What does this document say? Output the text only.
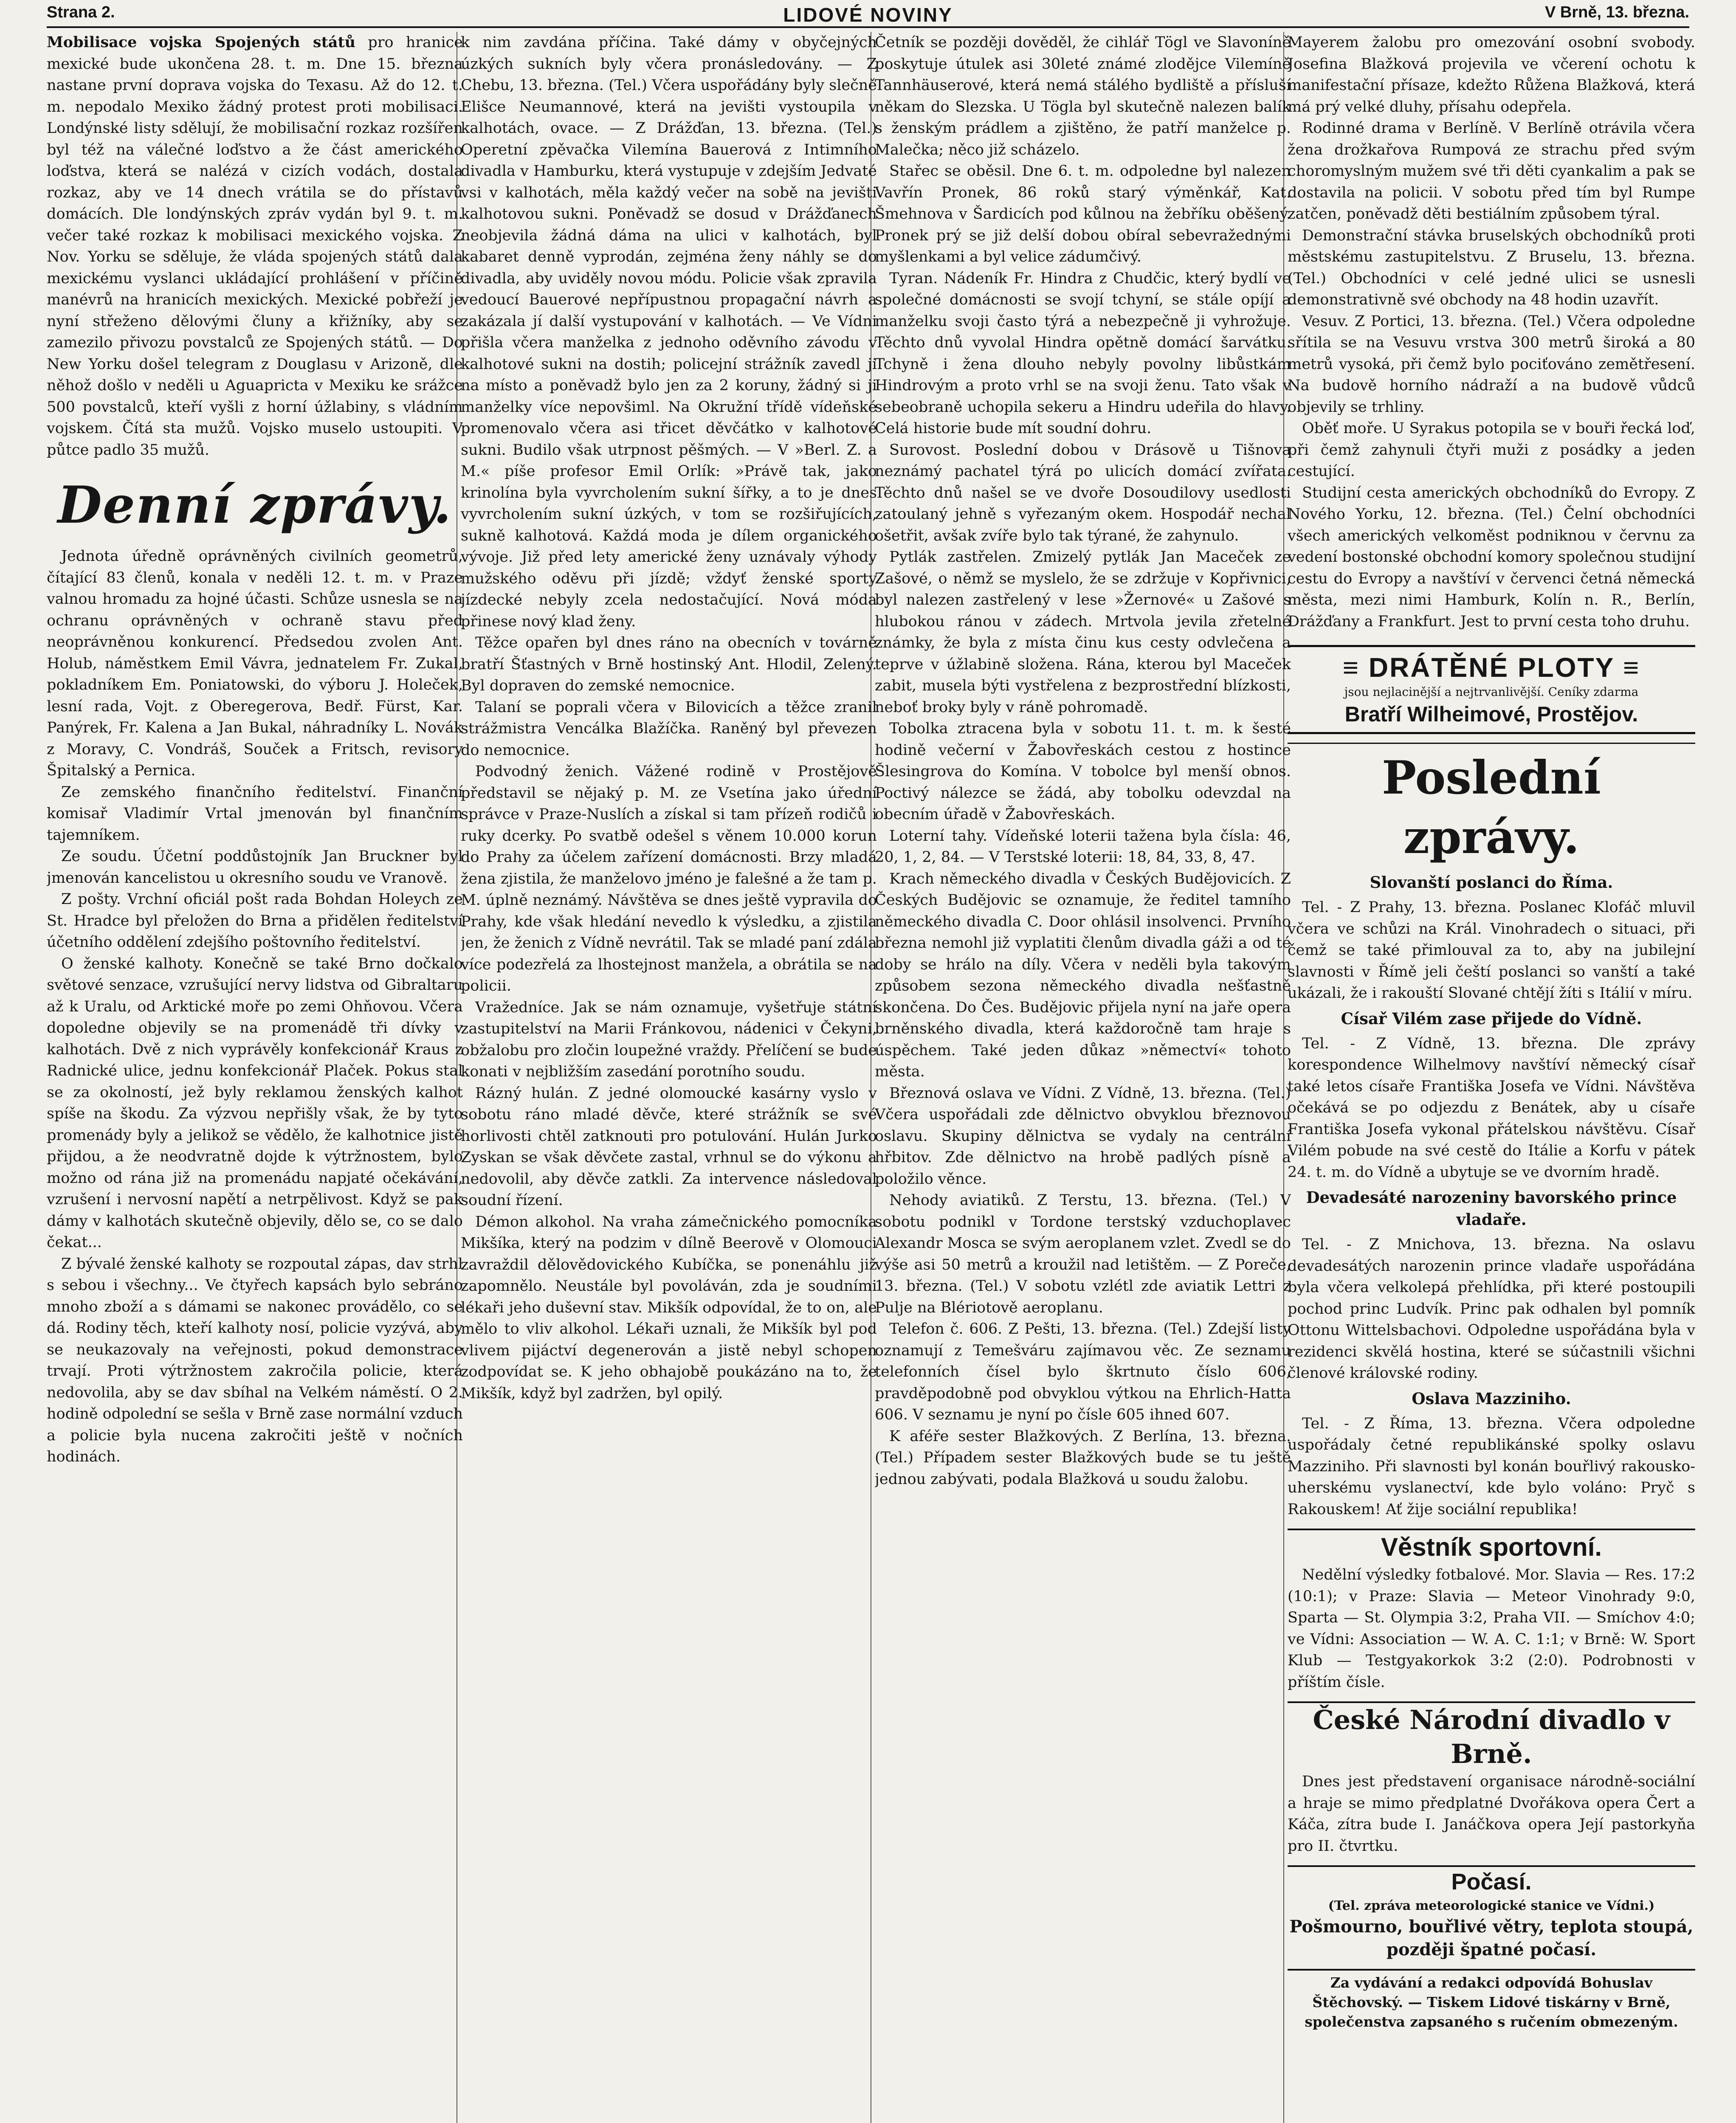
Strana 2.	LIDOVÉ NOVINY	V Brně, 13. března.

Mobilisace vojska Spojených států pro hranice mexické bude ukončena 28. t. m. Dne 15. března nastane první doprava vojska do Texasu. Až do 12. t. m. nepodalo Mexiko žádný protest proti mobilisaci. Londýnské listy sdělují, že mobilisační rozkaz rozšířen byl též na válečné loďstvo a že část amerického loďstva, která se nalézá v cizích vodách, dostala rozkaz, aby ve 14 dnech vrátila se do přístavů domácích. Dle londýnských zpráv vydán byl 9. t. m. večer také rozkaz k mobilisaci mexického vojska. Z Nov. Yorku se sděluje, že vláda spojených států dala mexickému vyslanci ukládající prohlášení v příčině manévrů na hranicích mexických. Mexické pobřeží je nyní střeženo dělovými čluny a křižníky, aby se zamezilo přivozu povstalců ze Spojených států. — Do New Yorku došel telegram z Douglasu v Arizoně, dle něhož došlo v neděli u Aguapricta v Mexiku ke srážce 500 povstalců, kteří vyšli z horní úžlabiny, s vládním vojskem. Čítá sta mužů. Vojsko muselo ustoupiti. V půtce padlo 35 mužů.

Denní zprávy.

Jednota úředně oprávněných civilních geometrů, čítající 83 členů, konala v neděli 12. t. m. v Praze valnou hromadu za hojné účasti. Schůze usnesla se na ochranu oprávněných v ochraně stavu před neoprávněnou konkurencí. Předsedou zvolen Ant. Holub, náměstkem Emil Vávra, jednatelem Fr. Zukal, pokladníkem Em. Poniatowski, do výboru J. Holeček, lesní rada, Vojt. z Oberegerova, Bedř. Fürst, Kar. Panýrek, Fr. Kalena a Jan Bukal, náhradníky L. Novák z Moravy, C. Vondráš, Souček a Fritsch, revisory Špitalský a Pernica.

Ze zemského finančního ředitelství. Finanční komisař Vladimír Vrtal jmenován byl finančním tajemníkem.

Ze soudu. Účetní poddůstojník Jan Bruckner byl jmenován kancelistou u okresního soudu ve Vranově.

Z pošty. Vrchní oficiál pošt rada Bohdan Holeych ze St. Hradce byl přeložen do Brna a přidělen ředitelství účetního oddělení zdejšího poštovního ředitelství.

O ženské kalhoty. Konečně se také Brno dočkalo světové senzace, vzrušující nervy lidstva od Gibraltaru až k Uralu, od Arktické moře po zemi Ohňovou. Včera dopoledne objevily se na promenádě tři dívky v kalhotách. Dvě z nich vyprávěly konfekcionář Kraus z Radnické ulice, jednu konfekcionář Plaček. Pokus stal se za okolností, jež byly reklamou ženských kalhot spíše na škodu. Za výzvou nepřišly však, že by tyto promenády byly a jelikož se vědělo, že kalhotnice jistě přijdou, a že neodvratně dojde k výtržnostem, bylo možno od rána již na promenádu napjaté očekávání, vzrušení i nervosní napětí a netrpělivost. Když se pak dámy v kalhotách skutečně objevily, dělo se, co se dalo čekat...

Z bývalé ženské kalhoty se rozpoutal zápas, dav strhl s sebou i všechny... Ve čtyřech kapsách bylo sebráno mnoho zboží a s dámami se nakonec provádělo, co se dá. Rodiny těch, kteří kalhoty nosí, policie vyzývá, aby se neukazovaly na veřejnosti, pokud demonstrace trvají. Proti výtržnostem zakročila policie, která nedovolila, aby se dav sbíhal na Velkém náměstí. O 2. hodině odpolední se sešla v Brně zase normální vzduch a policie byla nucena zakročiti ještě v nočních hodinách.

k nim zavdána příčina. Také dámy v obyčejných úzkých sukních byly včera pronásledovány. — Z Chebu, 13. března. (Tel.) Včera uspořádány byly slečně Elišce Neumannové, která na jevišti vystoupila v kalhotách, ovace. — Z Drážďan, 13. března. (Tel.) Operetní zpěvačka Vilemína Bauerová z Intimního divadla v Hamburku, která vystupuje v zdejším Jedvaté vsi v kalhotách, měla každý večer na sobě na jevišti kalhotovou sukni. Poněvadž se dosud v Drážďanech neobjevila žádná dáma na ulici v kalhotách, byl kabaret denně vyprodán, zejména ženy náhly se do divadla, aby uviděly novou módu. Policie však zpravila vedoucí Bauerové nepřípustnou propagační návrh a zakázala jí další vystupování v kalhotách. — Ve Vídni přišla včera manželka z jednoho oděvního závodu v kalhotové sukni na dostih; policejní strážník zavedl ji na místo a poněvadž bylo jen za 2 koruny, žádný si ji manželky více nepovšiml. Na Okružní třídě vídeňské promenovalo včera asi třicet děvčátko v kalhotové sukni. Budilo však utrpnost pěšmých. — V »Berl. Z. a M.« píše profesor Emil Orlík: »Právě tak, jako krinolína byla vyvrcholením sukní šířky, a to je dnes vyvrcholením sukní úzkých, v tom se rozšiřujících, sukně kalhotová. Každá moda je dílem organického vývoje. Již před lety americké ženy uznávaly výhody mužského oděvu při jízdě; vždyť ženské sporty jízdecké nebyly zcela nedostačující. Nová móda přinese nový klad ženy.

Těžce opařen byl dnes ráno na obecních v továrně bratří Šťastných v Brně hostinský Ant. Hlodil, Zelený. Byl dopraven do zemské nemocnice.

Talaní se poprali včera v Bilovicích a těžce zranil strážmistra Vencálka Blažíčka. Raněný byl převezen do nemocnice.

Podvodný ženich. Vážené rodině v Prostějově představil se nějaký p. M. ze Vsetína jako úřední správce v Praze-Nuslích a získal si tam přízeň rodičů i ruky dcerky. Po svatbě odešel s věnem 10.000 korun do Prahy za účelem zařízení domácnosti. Brzy mladá žena zjistila, že manželovo jméno je falešné a že tam p. M. úplně neznámý. Návštěva se dnes ještě vypravila do Prahy, kde však hledání nevedlo k výsledku, a zjistila jen, že ženich z Vídně nevrátil. Tak se mladé paní zdála více podezřelá za lhostejnost manžela, a obrátila se na policii.

Vražedníce. Jak se nám oznamuje, vyšetřuje státní zastupitelství na Marii Fránkovou, nádenici v Čekyni, obžalobu pro zločin loupežné vraždy. Přelíčení se bude konati v nejbližším zasedání porotního soudu.

Rázný hulán. Z jedné olomoucké kasárny vyslo v sobotu ráno mladé děvče, které strážník se své horlivosti chtěl zatknouti pro potulování. Hulán Jurko Zyskan se však děvčete zastal, vrhnul se do výkonu a nedovolil, aby děvče zatkli. Za intervence následoval soudní řízení.

Démon alkohol. Na vraha zámečnického pomocníka Mikšíka, který na podzim v dílně Beerově v Olomouci zavraždil dělovědovického Kubíčka, se ponenáhlu již zapomnělo. Neustále byl povoláván, zda je soudními lékaři jeho duševní stav. Mikšík odpovídal, že to on, ale mělo to vliv alkohol. Lékaři uznali, že Mikšík byl pod vlivem pijáctví degenerován a jistě nebyl schopen zodpovídat se. K jeho obhajobě poukázáno na to, že Mikšík, když byl zadržen, byl opilý.

Četník se později dověděl, že cihlář Tögl ve Slavoníně poskytuje útulek asi 30leté známé zlodějce Vilemíně Tannhäuserové, která nemá stálého bydliště a přísluší někam do Slezska. U Tögla byl skutečně nalezen balík s ženským prádlem a zjištěno, že patří manželce p. Malečka; něco již scházelo.

Stařec se oběsil. Dne 6. t. m. odpoledne byl nalezen Vavřín Pronek, 86 roků starý výměnkář, Kat. Šmehnova v Šardicích pod kůlnou na žebříku oběšený. Pronek prý se již delší dobou obíral sebevražednými myšlenkami a byl velice zádumčivý.

Tyran. Nádeník Fr. Hindra z Chudčic, který bydlí ve společné domácnosti se svojí tchyní, se stále opíjí a manželku svoji často týrá a nebezpečně ji vyhrožuje. Těchto dnů vyvolal Hindra opětně domácí šarvátku. Tchyně i žena dlouho nebyly povolny libůstkám Hindrovým a proto vrhl se na svoji ženu. Tato však v sebeobraně uchopila sekeru a Hindru udeřila do hlavy. Celá historie bude mít soudní dohru.

Surovost. Poslední dobou v Drásově u Tišnova neznámý pachatel týrá po ulicích domácí zvířata. Těchto dnů našel se ve dvoře Dosoudilovy usedlosti zatoulaný jehně s vyřezaným okem. Hospodář nechal ošetřit, avšak zvíře bylo tak týrané, že zahynulo.

Pytlák zastřelen. Zmizelý pytlák Jan Maceček ze Zašové, o němž se myslelo, že se zdržuje v Kopřivnici, byl nalezen zastřelený v lese »Žernové« u Zašové s hlubokou ránou v zádech. Mrtvola jevila zřetelné známky, že byla z místa činu kus cesty odvlečena a teprve v úžlabině složena. Rána, kterou byl Maceček zabit, musela býti vystřelena z bezprostřední blízkosti, neboť broky byly v ráně pohromadě.

Tobolka ztracena byla v sobotu 11. t. m. k šesté hodině večerní v Žabovřeskách cestou z hostince Šlesingrova do Komína. V tobolce byl menší obnos. Poctivý nálezce se žádá, aby tobolku odevzdal na obecním úřadě v Žabovřeskách.

Loterní tahy. Vídeňské loterii tažena byla čísla: 46, 20, 1, 2, 84. — V Terstské loterii: 18, 84, 33, 8, 47.

Krach německého divadla v Českých Budějovicích. Z Českých Budějovic se oznamuje, že ředitel tamního německého divadla C. Door ohlásil insolvenci. Prvního března nemohl již vyplatiti členům divadla gáži a od té doby se hrálo na díly. Včera v neděli byla takovým způsobem sezona německého divadla nešťastně skončena. Do Čes. Budějovic přijela nyní na jaře opera brněnského divadla, která každoročně tam hraje s úspěchem. Také jeden důkaz »němectví« tohoto města.

Březnová oslava ve Vídni. Z Vídně, 13. března. (Tel.) Včera uspořádali zde dělnictvo obvyklou březnovou oslavu. Skupiny dělnictva se vydaly na centrální hřbitov. Zde dělnictvo na hrobě padlých písně a položilo věnce.

Nehody aviatiků. Z Terstu, 13. března. (Tel.) V sobotu podnikl v Tordone terstský vzduchoplavec Alexandr Mosca se svým aeroplanem vzlet. Zvedl se do výše asi 50 metrů a kroužil nad letištěm. — Z Poreče, 13. března. (Tel.) V sobotu vzlétl zde aviatik Lettri z Pulje na Blériotově aeroplanu.

Telefon č. 606. Z Pešti, 13. března. (Tel.) Zdejší listy oznamují z Temešváru zajímavou věc. Ze seznamu telefonních čísel bylo škrtnuto číslo 606, pravděpodobně pod obvyklou výtkou na Ehrlich-Hatta 606. V seznamu je nyní po čísle 605 ihned 607.

K aféře sester Blažkových. Z Berlína, 13. března. (Tel.) Případem sester Blažkových bude se tu ještě jednou zabývati, podala Blažková u soudu žalobu.

Mayerem žalobu pro omezování osobní svobody. Josefina Blažková projevila ve včerení ochotu k manifestační přísaze, kdežto Růžena Blažková, která má prý velké dluhy, přísahu odepřela.

Rodinné drama v Berlíně. V Berlíně otrávila včera žena drožkařova Rumpová ze strachu před svým choromyslným mužem své tři děti cyankalim a pak se dostavila na policii. V sobotu před tím byl Rumpe zatčen, poněvadž děti bestiálním způsobem týral.

Demonstrační stávka bruselských obchodníků proti městskému zastupitelstvu. Z Bruselu, 13. března. (Tel.) Obchodníci v celé jedné ulici se usnesli demonstrativně své obchody na 48 hodin uzavřít.

Vesuv. Z Portici, 13. března. (Tel.) Včera odpoledne sřítila se na Vesuvu vrstva 300 metrů široká a 80 metrů vysoká, při čemž bylo pociťováno zemětřesení. Na budově horního nádraží a na budově vůdců objevily se trhliny.

Oběť moře. U Syrakus potopila se v bouři řecká loď, při čemž zahynuli čtyři muži z posádky a jeden cestující.

Studijní cesta amerických obchodníků do Evropy. Z Nového Yorku, 12. března. (Tel.) Čelní obchodníci všech amerických velkoměst podniknou v červnu za vedení bostonské obchodní komory společnou studijní cestu do Evropy a navštíví v červenci četná německá města, mezi nimi Hamburk, Kolín n. R., Berlín, Drážďany a Frankfurt. Jest to první cesta toho druhu.

≡ DRÁTĚNÉ PLOTY ≡
jsou nejlacinější a nejtrvanlivější. Ceníky zdarma
Bratří Wilheimové, Prostějov.
Poslední zprávy.
Slovanští poslanci do Říma.

Tel. - Z Prahy, 13. března. Poslanec Klofáč mluvil včera ve schůzi na Král. Vinohradech o situaci, při čemž se také přimlouval za to, aby na jubilejní slavnosti v Římě jeli čeští poslanci so vanští a také ukázali, že i rakouští Slované chtějí žíti s Itálií v míru.

Císař Vilém zase přijede do Vídně.

Tel. - Z Vídně, 13. března. Dle zprávy korespondence Wilhelmovy navštíví německý císař také letos císaře Františka Josefa ve Vídni. Návštěva očekává se po odjezdu z Benátek, aby u císaře Františka Josefa vykonal přátelskou návštěvu. Císař Vilém pobude na své cestě do Itálie a Korfu v pátek 24. t. m. do Vídně a ubytuje se ve dvorním hradě.

Devadesáté narozeniny bavorského prince vladaře.

Tel. - Z Mnichova, 13. března. Na oslavu devadesátých narozenin prince vladaře uspořádána byla včera velkolepá přehlídka, při které postoupili pochod princ Ludvík. Princ pak odhalen byl pomník Ottonu Wittelsbachovi. Odpoledne uspořádána byla v rezidenci skvělá hostina, které se súčastnili všichni členové královské rodiny.

Oslava Mazziniho.

Tel. - Z Říma, 13. března. Včera odpoledne uspořádaly četné republikánské spolky oslavu Mazziniho. Při slavnosti byl konán bouřlivý rakousko-uherskému vyslanectví, kde bylo voláno: Pryč s Rakouskem! Ať žije sociální republika!

Věstník sportovní.

Nedělní výsledky fotbalové. Mor. Slavia — Res. 17:2 (10:1); v Praze: Slavia — Meteor Vinohrady 9:0, Sparta — St. Olympia 3:2, Praha VII. — Smíchov 4:0; ve Vídni: Association — W. A. C. 1:1; v Brně: W. Sport Klub — Testgyakorkok 3:2 (2:0). Podrobnosti v příštím čísle.

České Národní divadlo v Brně.

Dnes jest představení organisace národně-sociální a hraje se mimo předplatné Dvořákova opera Čert a Káča, zítra bude I. Janáčkova opera Její pastorkyňa pro II. čtvrtku.

Počasí.
(Tel. zpráva meteorologické stanice ve Vídni.)

Pošmourno, bouřlivé větry, teplota stoupá, později špatné počasí.

Za vydávání a redakci odpovídá Bohuslav Štěchovský. — Tiskem Lidové tiskárny v Brně, společenstva zapsaného s ručením obmezeným.
